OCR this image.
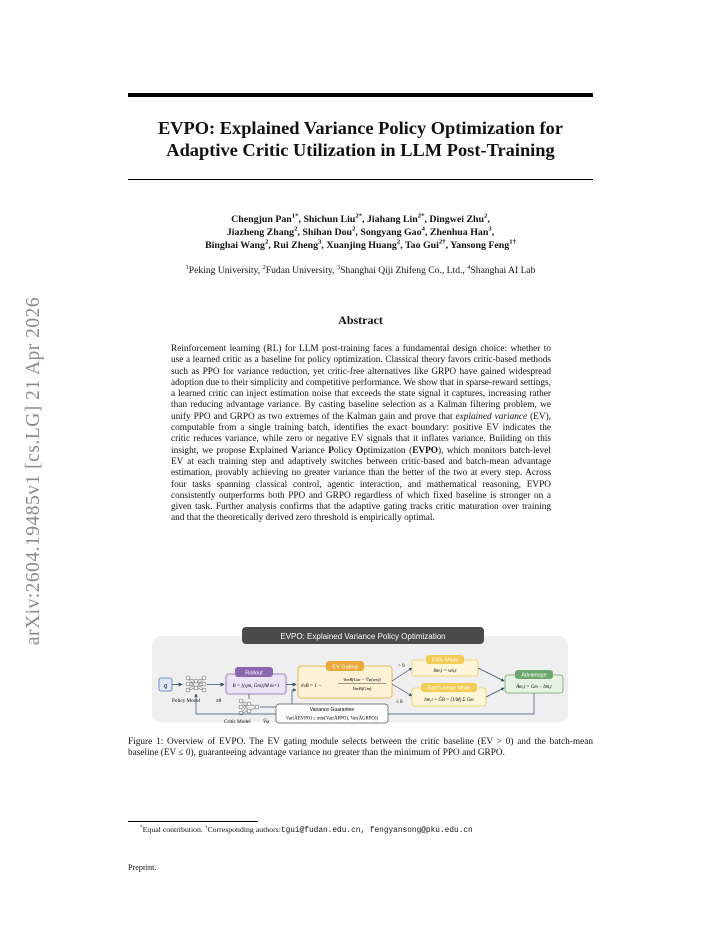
arXiv:2604.19485v1 [cs.LG] 21 Apr 2026
EVPO: Explained Variance Policy Optimization for
Adaptive Critic Utilization in LLM Post-Training
Chengjun Pan$^{1*}$, Shichun Liu$^{2*}$, Jiahang Lin$^{2*}$, Dingwei Zhu$^2$,
Jiazheng Zhang$^2$, Shihan Dou$^2$, Songyang Gao$^4$, Zhenhua Han$^3$,
Binghai Wang$^2$, Rui Zheng$^3$, Xuanjing Huang$^2$, Tao Gui$^{2\dagger}$, Yansong Feng$^{1\dagger}$
$^1$Peking University, $^2$Fudan University, $^3$Shanghai Qiji Zhifeng Co., Ltd., $^4$Shanghai AI Lab
Abstract

Reinforcement learning (RL) for LLM post-training faces a fundamental design choice: whether to use a learned critic as a baseline for policy optimization. Classical theory favors critic-based methods such as PPO for variance reduction, yet critic-free alternatives like GRPO have gained widespread adoption due to their simplicity and competitive performance. We show that in sparse-reward settings, a learned critic can inject estimation noise that exceeds the state signal it captures, increasing rather than reducing advantage variance. By casting baseline selection as a Kalman filtering problem, we unify PPO and GRPO as two extremes of the Kalman gain and prove that explained variance (EV), computable from a single training batch, identifies the exact boundary: positive EV indicates the critic reduces variance, while zero or negative EV signals that it inflates variance. Building on this insight, we propose Explained Variance Policy Optimization (EVPO), which monitors batch-level EV at each training step and adaptively switches between critic-based and batch-mean advantage estimation, provably achieving no greater variance than the better of the two at every step. Across four tasks spanning classical control, agentic interaction, and mathematical reasoning, EVPO consistently outperforms both PPO and GRPO regardless of which fixed baseline is stronger on a given task. Further analysis confirms that the adaptive gating tracks critic maturation over training and that the theoretically derived zero threshold is empirically optimal.

EVPO: Explained Variance Policy Optimization
q
Policy Model	πθ
Rollout
B = {(qm, Gm)}M m=1
Critic Model V̂φ
EV Gating
êvB = 1 −
VarB(Gm − V̂φ(sm))
VarB(Gm)
> 0
≤ 0
Critic Mode
bm,t = vm,t
Batch-mean Mode
bm,t = ĜB = (1/M) Σ Gm
Advantage
Âm,t = Gm − bm,t
Variance Guarantee
Var(ÂEVPO) ≤ min(Var(ÂPPO), Var(ÂGRPO))

Figure 1: Overview of EVPO. The EV gating module selects between the critic baseline (EV > 0) and the batch-mean baseline (EV ≤ 0), guaranteeing advantage variance no greater than the minimum of PPO and GRPO.

*Equal contribution. †Corresponding authors:tgui@fudan.edu.cn, fengyansong@pku.edu.cn
Preprint.
